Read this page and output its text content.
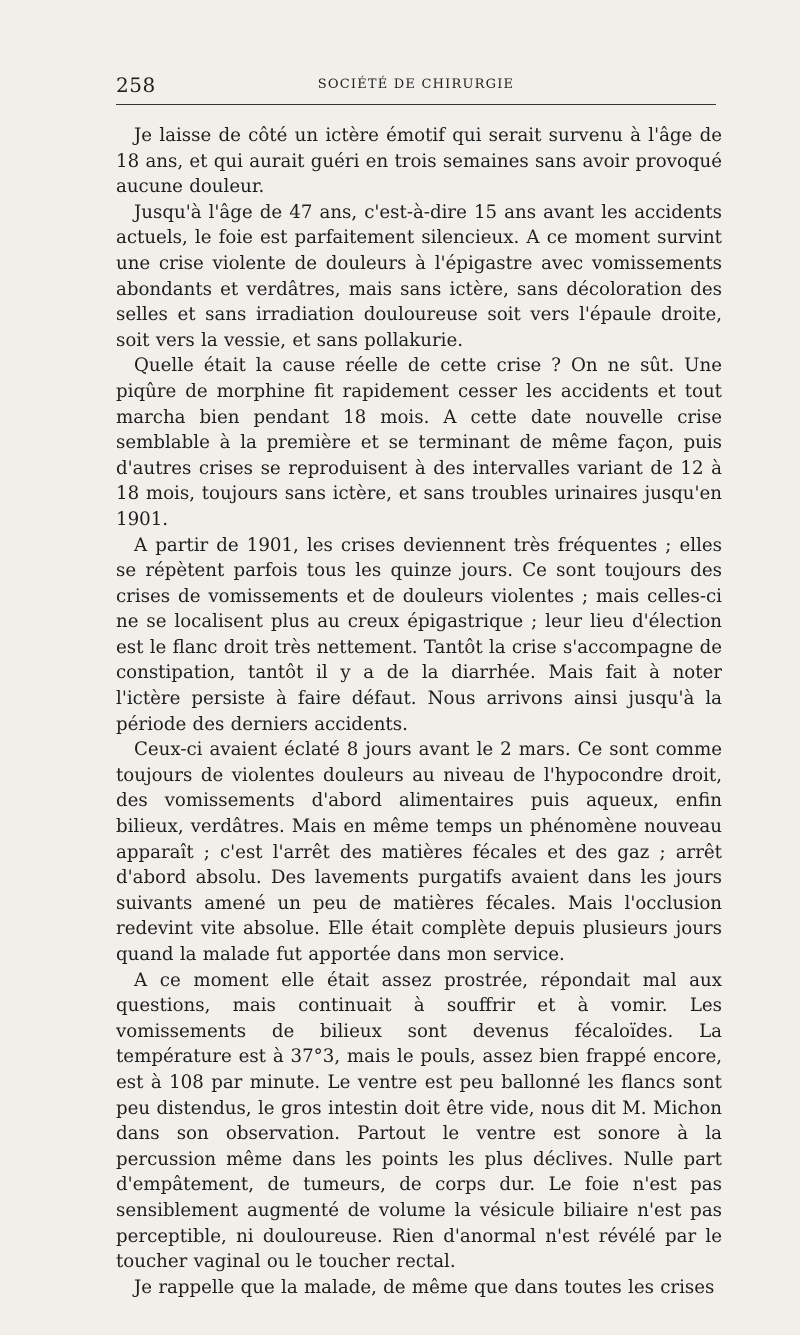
258	SOCIÉTÉ DE CHIRURGIE

Je laisse de côté un ictère émotif qui serait survenu à l'âge de 18 ans, et qui aurait guéri en trois semaines sans avoir provoqué aucune douleur.

Jusqu'à l'âge de 47 ans, c'est-à-dire 15 ans avant les accidents actuels, le foie est parfaitement silencieux. A ce moment survint une crise violente de douleurs à l'épigastre avec vomissements abondants et verdâtres, mais sans ictère, sans décoloration des selles et sans irradiation douloureuse soit vers l'épaule droite, soit vers la vessie, et sans pollakurie.

Quelle était la cause réelle de cette crise ? On ne sût. Une piqûre de morphine fit rapidement cesser les accidents et tout marcha bien pendant 18 mois. A cette date nouvelle crise semblable à la première et se terminant de même façon, puis d'autres crises se reproduisent à des intervalles variant de 12 à 18 mois, toujours sans ictère, et sans troubles urinaires jusqu'en 1901.

A partir de 1901, les crises deviennent très fréquentes ; elles se répètent parfois tous les quinze jours. Ce sont toujours des crises de vomissements et de douleurs violentes ; mais celles-ci ne se localisent plus au creux épigastrique ; leur lieu d'élection est le flanc droit très nettement. Tantôt la crise s'accompagne de constipation, tantôt il y a de la diarrhée. Mais fait à noter l'ictère persiste à faire défaut. Nous arrivons ainsi jusqu'à la période des derniers accidents.

Ceux-ci avaient éclaté 8 jours avant le 2 mars. Ce sont comme toujours de violentes douleurs au niveau de l'hypocondre droit, des vomissements d'abord alimentaires puis aqueux, enfin bilieux, verdâtres. Mais en même temps un phénomène nouveau apparaît ; c'est l'arrêt des matières fécales et des gaz ; arrêt d'abord absolu. Des lavements purgatifs avaient dans les jours suivants amené un peu de matières fécales. Mais l'occlusion redevint vite absolue. Elle était complète depuis plusieurs jours quand la malade fut apportée dans mon service.

A ce moment elle était assez prostrée, répondait mal aux questions, mais continuait à souffrir et à vomir. Les vomissements de bilieux sont devenus fécaloïdes. La température est à 37°3, mais le pouls, assez bien frappé encore, est à 108 par minute. Le ventre est peu ballonné les flancs sont peu distendus, le gros intestin doit être vide, nous dit M. Michon dans son observation. Partout le ventre est sonore à la percussion même dans les points les plus déclives. Nulle part d'empâtement, de tumeurs, de corps dur. Le foie n'est pas sensiblement augmenté de volume la vésicule biliaire n'est pas perceptible, ni douloureuse. Rien d'anormal n'est révélé par le toucher vaginal ou le toucher rectal.

Je rappelle que la malade, de même que dans toutes les crises
